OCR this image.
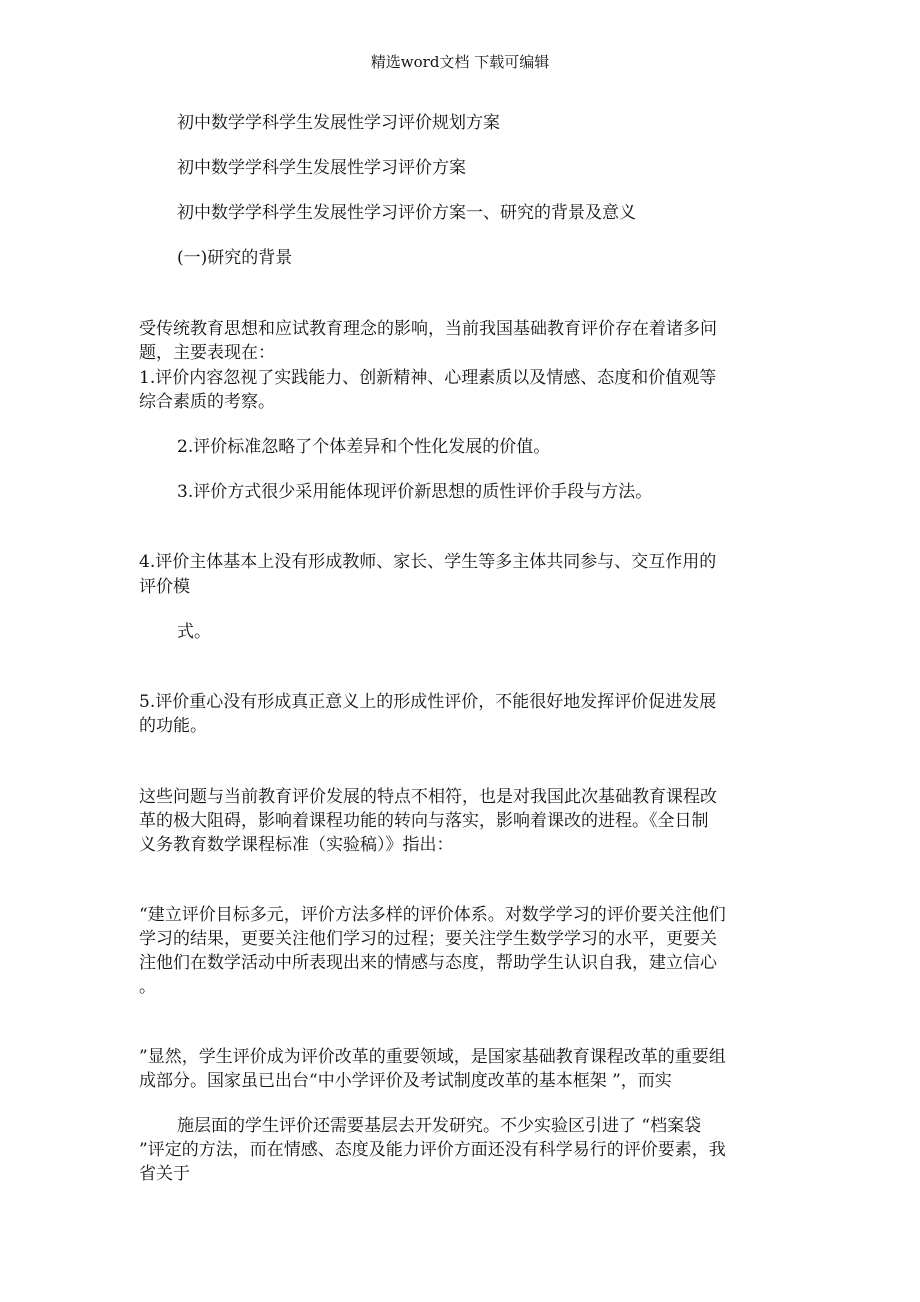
精选word文档 下载可编辑
初中数学学科学生发展性学习评价规划方案
初中数学学科学生发展性学习评价方案
初中数学学科学生发展性学习评价方案一、研究的背景及意义
(一)研究的背景
受传统教育思想和应试教育理念的影响，当前我国基础教育评价存在着诸多问
题，主要表现在：
1.评价内容忽视了实践能力、创新精神、心理素质以及情感、态度和价值观等
综合素质的考察。
2.评价标准忽略了个体差异和个性化发展的价值。
3.评价方式很少采用能体现评价新思想的质性评价手段与方法。
4.评价主体基本上没有形成教师、家长、学生等多主体共同参与、交互作用的
评价模
式。
5.评价重心没有形成真正意义上的形成性评价，不能很好地发挥评价促进发展
的功能。
这些问题与当前教育评价发展的特点不相符，也是对我国此次基础教育课程改
革的极大阻碍，影响着课程功能的转向与落实，影响着课改的进程。《全日制
义务教育数学课程标准（实验稿）》指出：
“建立评价目标多元，评价方法多样的评价体系。对数学学习的评价要关注他们
学习的结果，更要关注他们学习的过程；要关注学生数学学习的水平，更要关
注他们在数学活动中所表现出来的情感与态度，帮助学生认识自我，建立信心
。
”显然，学生评价成为评价改革的重要领域，是国家基础教育课程改革的重要组
成部分。国家虽已出台“中小学评价及考试制度改革的基本框架 ”，而实
施层面的学生评价还需要基层去开发研究。不少实验区引进了 “档案袋
”评定的方法，而在情感、态度及能力评价方面还没有科学易行的评价要素，我
省关于
